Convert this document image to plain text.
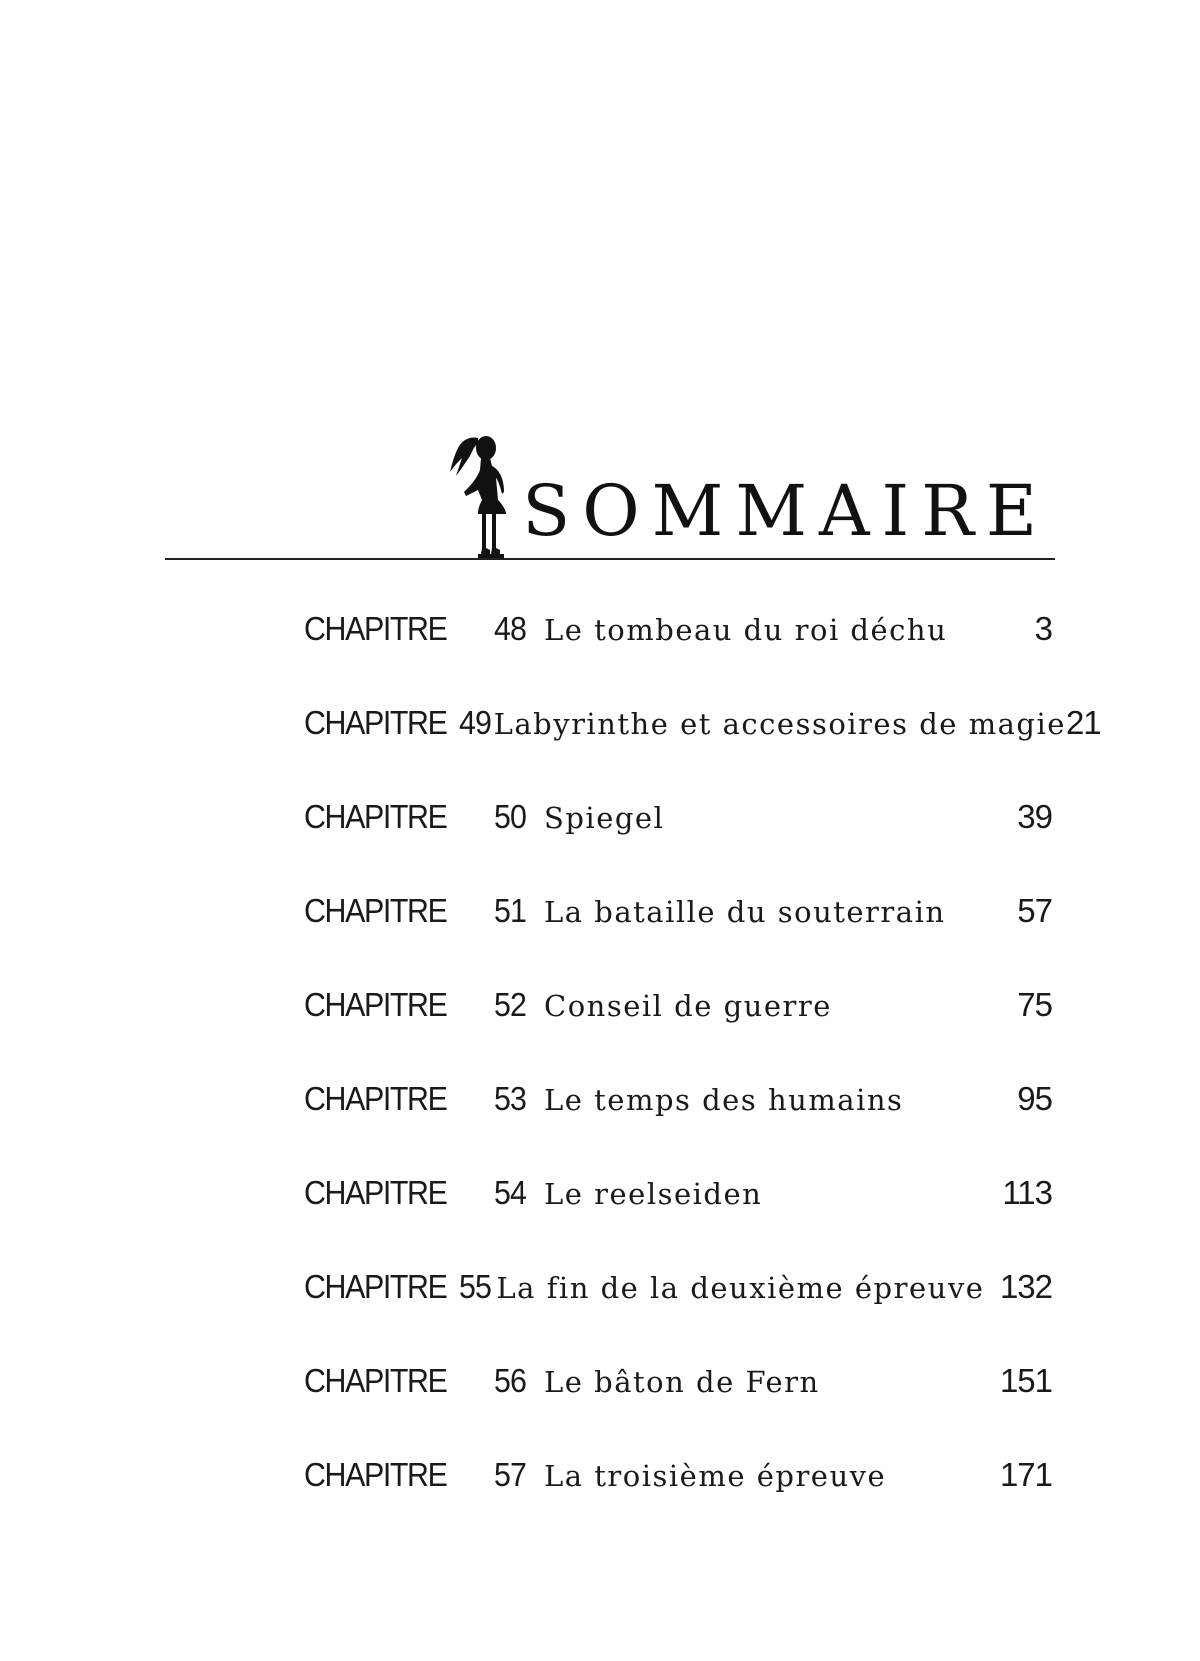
SOMMAIRE
CHAPITRE	48 Le tombeau du roi déchu	3
CHAPITRE 49 Labyrinthe et accessoires de magie 21
CHAPITRE	50 Spiegel	39
CHAPITRE	51 La bataille du souterrain	57
CHAPITRE	52 Conseil de guerre	75
CHAPITRE	53 Le temps des humains	95
CHAPITRE	54 Le reelseiden	113
CHAPITRE 55 La fin de la deuxième épreuve 132
CHAPITRE	56 Le bâton de Fern	151
CHAPITRE	57 La troisième épreuve	171
